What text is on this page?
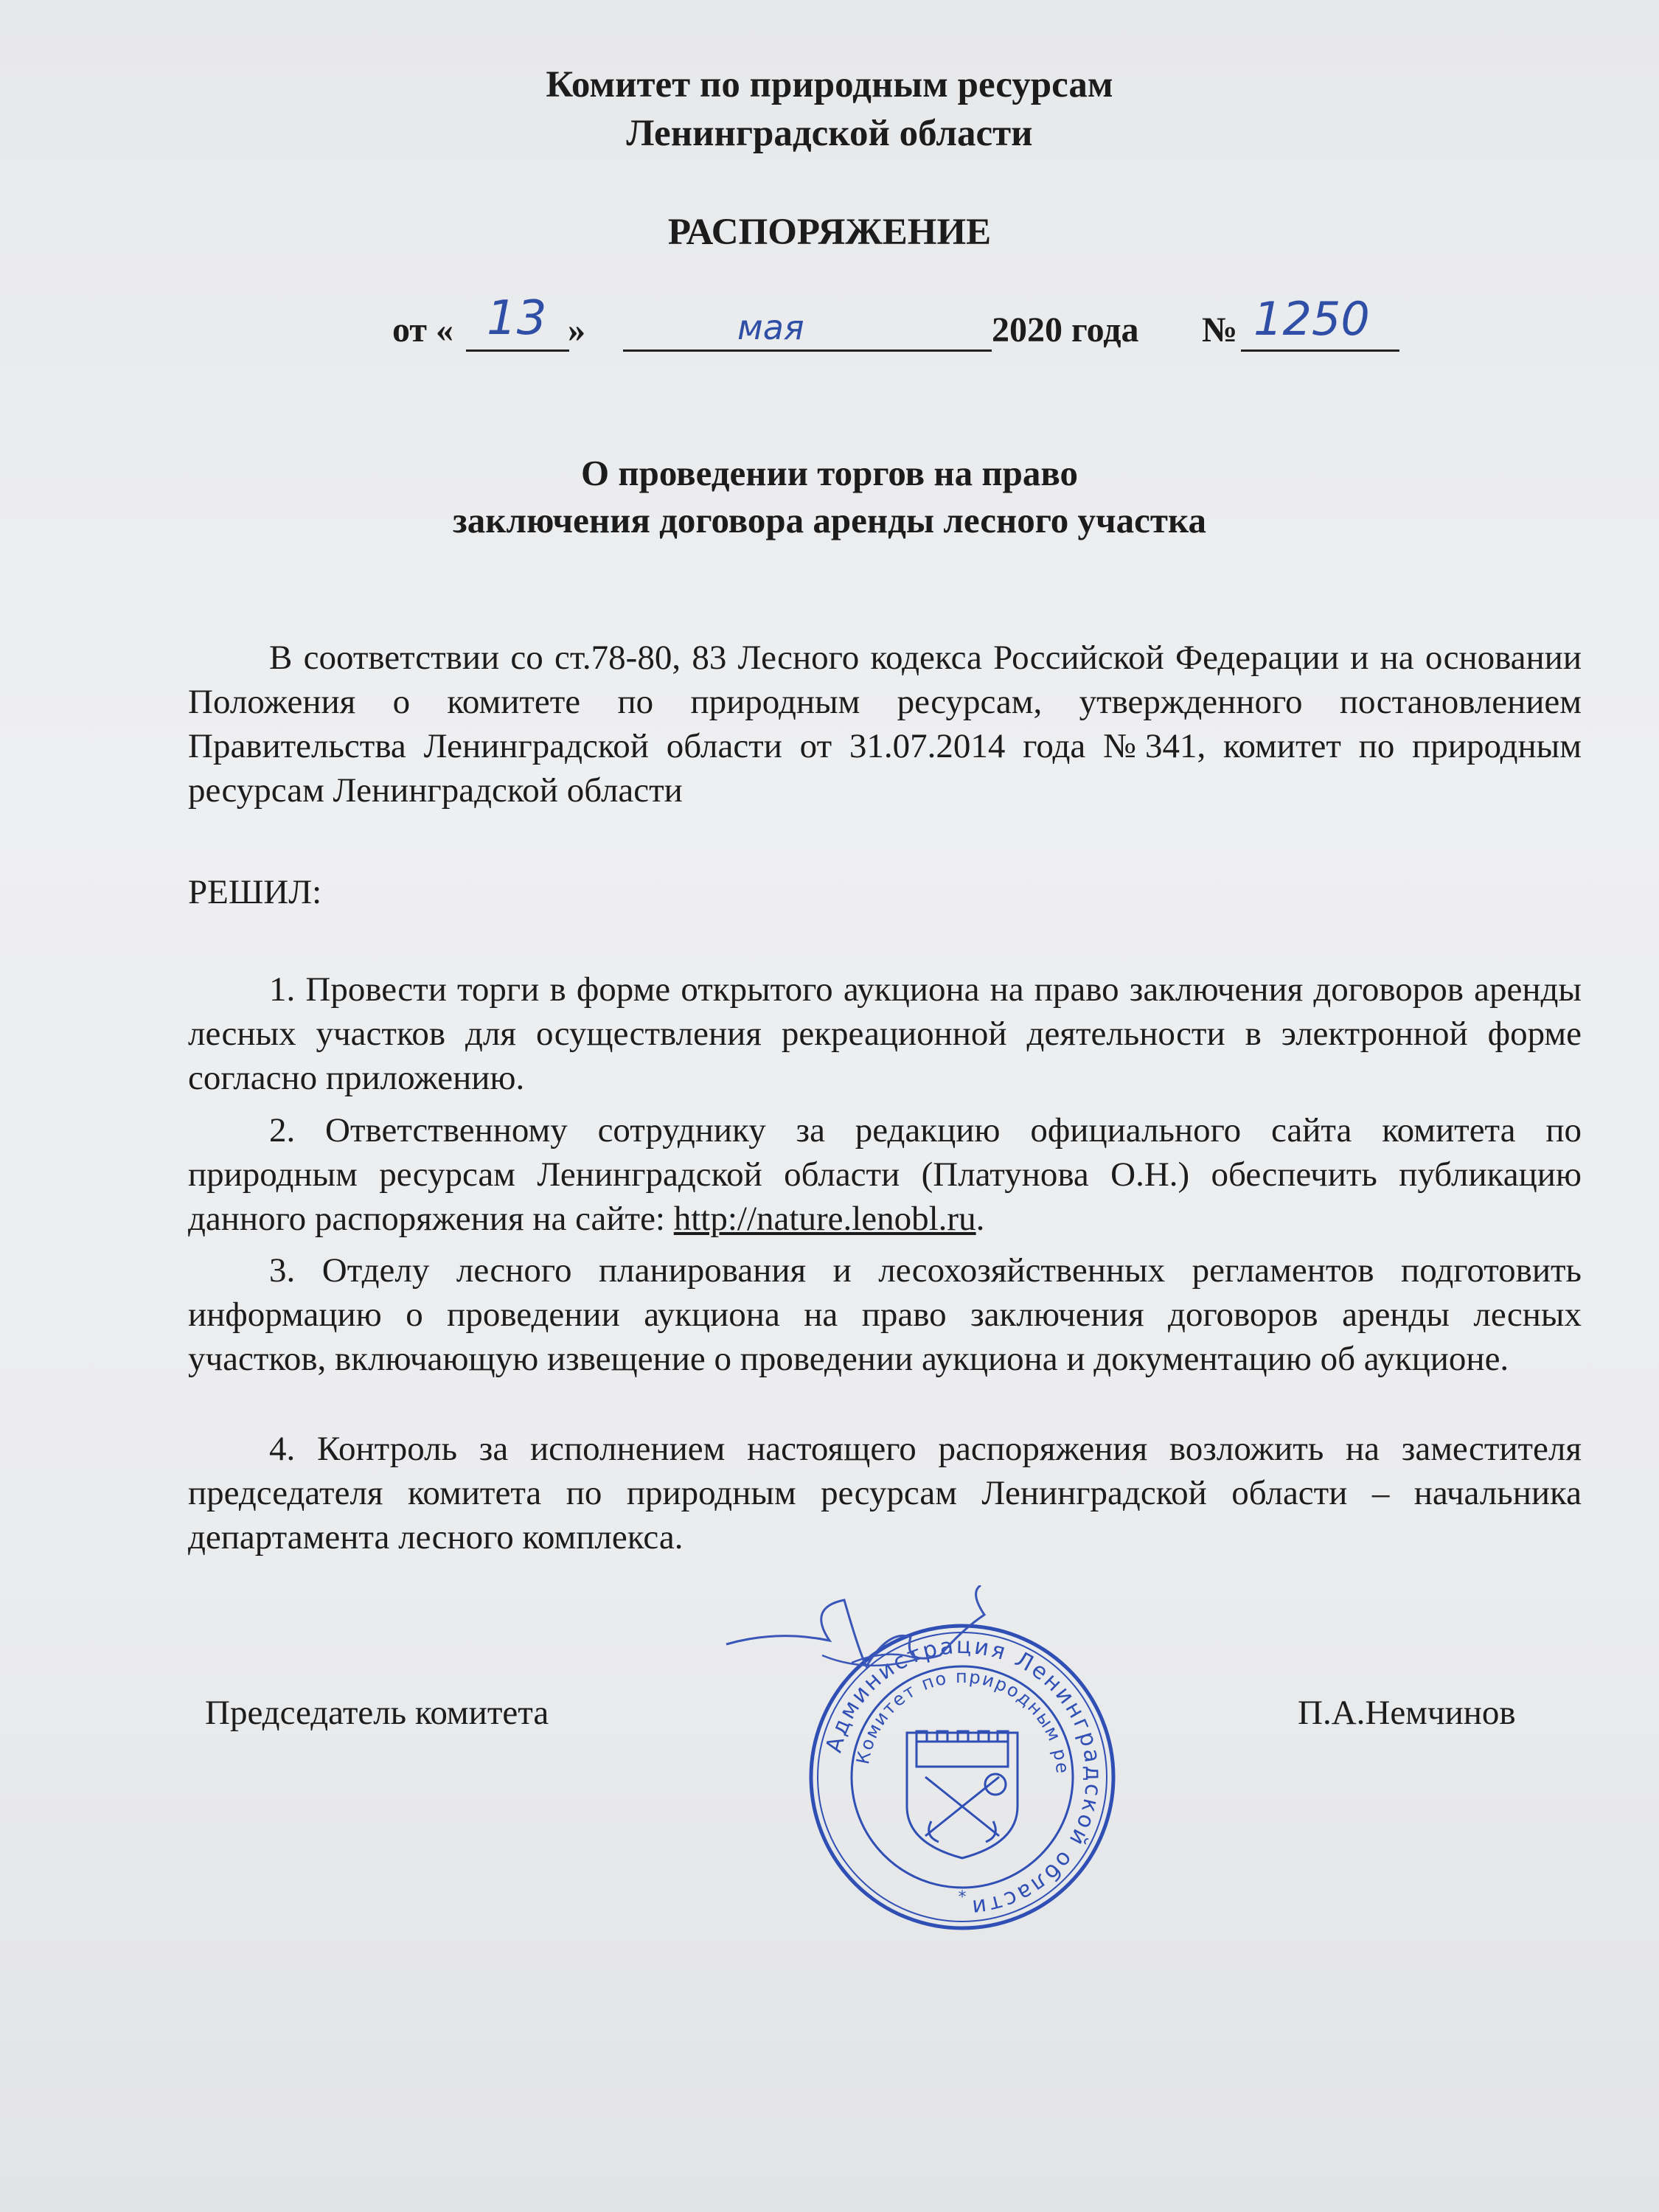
Комитет по природным ресурсам
Ленинградской области
РАСПОРЯЖЕНИЕ
от « 13 »	мая	2020 года № 1250
О проведении торгов на право
заключения договора аренды лесного участка
В соответствии со ст.78-80, 83 Лесного кодекса Российской Федерации и на основании Положения о комитете по природным ресурсам, утвержденного постановлением Правительства Ленинградской области от 31.07.2014 года №341, комитет по природным ресурсам Ленинградской области
РЕШИЛ:
1. Провести торги в форме открытого аукциона на право заключения договоров аренды лесных участков для осуществления рекреационной деятельности в электронной форме согласно приложению.
2. Ответственному сотруднику за редакцию официального сайта комитета по природным ресурсам Ленинградской области (Платунова О.Н.) обеспечить публикацию данного распоряжения на сайте: http://nature.lenobl.ru.
3. Отделу лесного планирования и лесохозяйственных регламентов подготовить информацию о проведении аукциона на право заключения договоров аренды лесных участков, включающую извещение о проведении аукциона и документацию об аукционе.
4. Контроль за исполнением настоящего распоряжения возложить на заместителя председателя комитета по природным ресурсам Ленинградской области – начальника департамента лесного комплекса.
Председатель комитета	П.А.Немчинов
Администрация Ленинградской области
Комитет по природным ре
*
